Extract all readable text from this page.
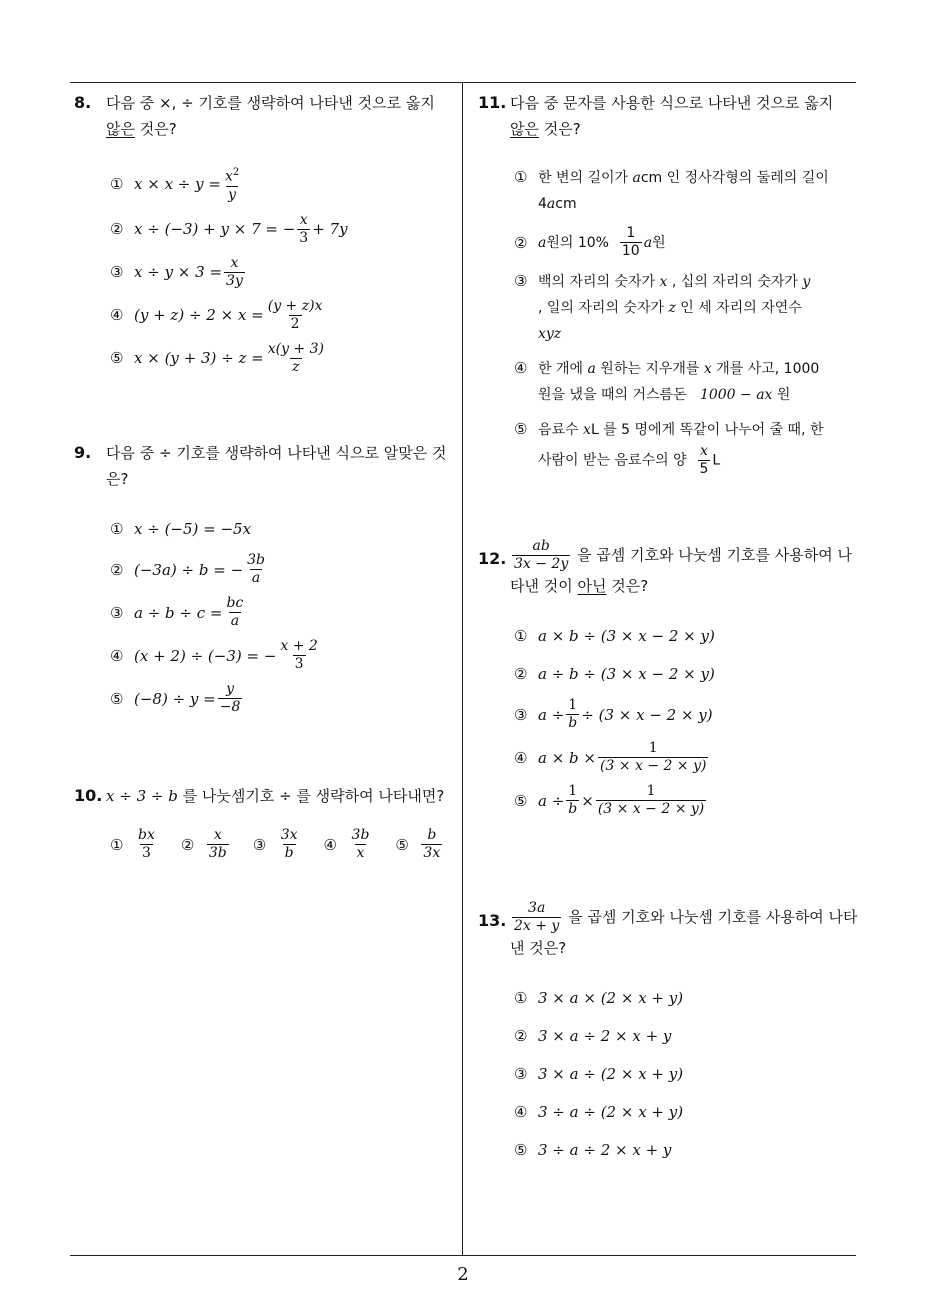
8. 다음 중 ×, ÷ 기호를 생략하여 나타낸 것으로 옳지
않은 것은?
① $x \times x \div y = \frac{x^2}{y}$
② x ÷ (−3) + y × 7 = − $\frac{x}{3} + 7y$
③ $x \div y \times 3 = \frac{x}{3y}$
④ $(y + z) \div 2 \times x = \frac{(y + z)x}{2}$
⑤ $x \times (y + 3) \div z = \frac{x(y + 3)}{z}$
9. 다음 중 ÷ 기호를 생략하여 나타낸 식으로 알맞은 것
은?
① x ÷ (−5) = −5x
② (−3a) ÷ b = − $\frac{3b}{a}$
③ $a \div b \div c = \frac{bc}{a}$
④ (x + 2) ÷ (−3) = − $\frac{x + 2}{3}$
⑤ $(-8) \div y = \frac{y}{-8}$
10. x ÷ 3 ÷ b 를 나눗셈기호 ÷ 를 생략하여 나타내면?
① $\frac{bx}{3}$ ② $\frac{x}{3b}$ ③ $\frac{3x}{b}$ ④ $\frac{3b}{x}$ ⑤ $\frac{b}{3x}$
11. 다음 중 문자를 사용한 식으로 나타낸 것으로 옳지
않은 것은?
① 한 변의 길이가 acm 인 정사각형의 둘레의 길이
4acm
② a 원의 10%
$\frac{1}{10}$ a 원
③ 백의 자리의 숫자가 x , 십의 자리의 숫자가 y
, 일의 자리의 숫자가 z 인 세 자리의 자연수
xyz
④ 한 개에 a 원하는 지우개를 x 개를 사고, 1000
원을 냈을 때의 거스름돈 1000 − ax 원
⑤ 음료수 xL 를 5 명에게 똑같이 나누어 줄 때, 한
사람이 받는 음료수의 양 $\frac{x}{5}$ L
12. $\frac{ab}{3x - 2y}$ 을 곱셈 기호와 나눗셈 기호를 사용하여 나
타낸 것이 아닌 것은?
① a × b ÷ (3 × x − 2 × y)
② a ÷ b ÷ (3 × x − 2 × y)
③ $a \div \frac{1}{b} \div (3 \times x - 2 \times y)$
④ $a \times b \times \frac{1}{(3 \times x - 2 \times y)}$
⑤ $a \div \frac{1}{b} \times \frac{1}{(3 \times x - 2 \times y)}$
13. $\frac{3a}{2x + y}$ 을 곱셈 기호와 나눗셈 기호를 사용하여 나타
낸 것은?
① 3 × a × (2 × x + y)
② 3 × a ÷ 2 × x + y
③ 3 × a ÷ (2 × x + y)
④ 3 ÷ a ÷ (2 × x + y)
⑤ 3 ÷ a ÷ 2 × x + y
2
